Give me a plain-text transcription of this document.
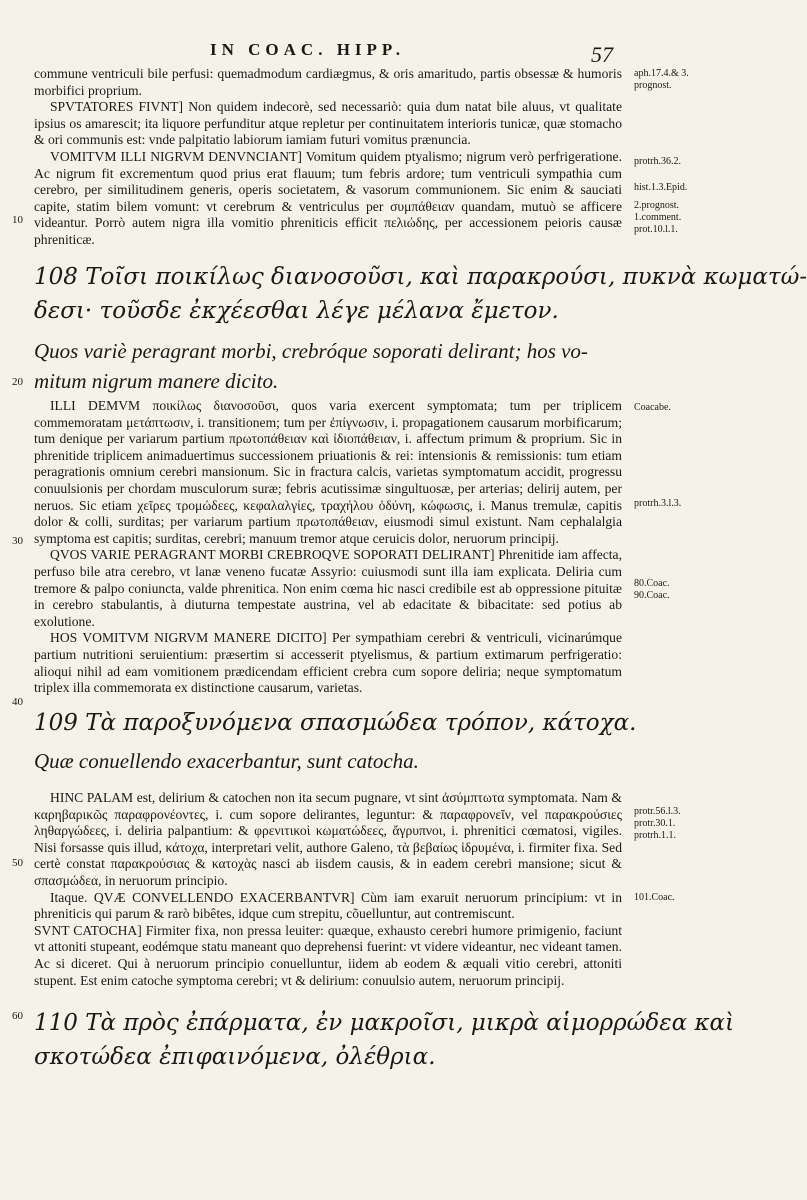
IN COAC. HIPP.	57
10
20
30
40
50
60

commune ventriculi bile perfusi: quemadmodum cardiægmus, & oris amaritudo, partis obsessæ & humoris morbifici proprium.

SPVTATORES FIVNT] Non quidem indecorè, sed necessariò: quia dum natat bile aluus, vt qualitate ipsius os amarescit; ita liquore perfunditur atque repletur per continuitatem interioris tunicæ, quæ stomacho & ori communis est: vnde palpitatio labiorum iamiam futuri vomitus prænuncia.

VOMITVM ILLI NIGRVM DENVNCIANT] Vomitum quidem ptyalismo; nigrum verò perfrigeratione. Ac nigrum fit excrementum quod prius erat flauum; tum febris ardore; tum ventriculi sympathia cum cerebro, per similitudinem generis, operis societatem, & vasorum communionem. Sic enim & sauciati capite, statim bilem vomunt: vt cerebrum & ventriculus per συμπάθειαν quandam, mutuò se afficere videantur. Porrò autem nigra illa vomitio phreniticis efficit πελιώδης, per accessionem peioris causæ phreniticæ.

108 Τοῖσι ποικίλως διανοσοῦσι, καὶ παρακρούσι, πυκνὰ κωματώ-
δεσι· τοῦσδε ἐκχέεσθαι λέγε μέλανα ἔμετον.
Quos variè peragrant morbi, crebróque soporati delirant; hos vo-
mitum nigrum manere dicito.

ILLI DEMVM ποικίλως διανοσοῦσι, quos varia exercent symptomata; tum per triplicem commemoratam μετάπτωσιν, i. transitionem; tum per ἐπίγνωσιν, i. propagationem causarum morbificarum; tum denique per variarum partium πρωτοπάθειαν καὶ ἰδιοπάθειαν, i. affectum primum & proprium. Sic in phrenitide triplicem animaduertimus successionem priuationis & rei: intensionis & remissionis: tum etiam peragrationis omnium cerebri mansionum. Sic in fractura calcis, varietas symptomatum accidit, progressu conuulsionis per chordam musculorum suræ; febris acutissimæ singultuosæ, per arterias; delirij autem, per neruos. Sic etiam χεῖρες τρομώδεες, κεφαλαλγίες, τραχήλου ὀδύνη, κώφωσις, i. Manus tremulæ, capitis dolor & colli, surditas; per variarum partium πρωτοπάθειαν, eiusmodi simul existunt. Nam cephalalgia symptoma est capitis; surditas, cerebri; manuum tremor atque ceruicis dolor, neruorum principij.

QVOS VARIE PERAGRANT MORBI CREBROQVE SOPORATI DELIRANT] Phrenitide iam affecta, perfuso bile atra cerebro, vt lanæ veneno fucatæ Assyrio: cuiusmodi sunt illa iam explicata. Deliria cum tremore & palpo coniuncta, valde phrenitica. Non enim cœma hic nasci credibile est ab oppressione pituitæ in cerebro stabulantis, à diuturna tempestate austrina, vel ab edacitate & bibacitate: sed potius ab exolutione.

HOS VOMITVM NIGRVM MANERE DICITO] Per sympathiam cerebri & ventriculi, vicinarúmque partium nutritioni seruientium: præsertim si accesserit ptyelismus, & partium extimarum perfrigeratio: alioqui nihil ad eam vomitionem prædicendam efficient crebra cum sopore deliria; neque symptomatum triplex illa commemorata ex distinctione causarum, varietas.

109 Τὰ παροξυνόμενα σπασμώδεα τρόπον, κάτοχα.
Quæ conuellendo exacerbantur, sunt catocha.

HINC PALAM est, delirium & catochen non ita secum pugnare, vt sint ἀσύμπτωτα symptomata. Nam & καρηβαρικῶς παραφρονέοντες, i. cum sopore delirantes, leguntur: & παραφρονεῖν, vel παρακρούσιες ληθαργώδεες, i. deliria palpantium: & φρενιτικοὶ κωματώδεες, ἄγρυπνοι, i. phrenitici cœmatosi, vigiles. Nisi forsasse quis illud, κάτοχα, interpretari velit, authore Galeno, τὰ βεβαίως ἱδρυμένα, i. firmiter fixa. Sed certè constat παρακρούσιας & κατοχὰς nasci ab iisdem causis, & in eadem cerebri mansione; sicut & σπασμώδεα, in neruorum principio.

Itaque. QVÆ CONVELLENDO EXACERBANTVR] Cùm iam exaruit neruorum principium: vt in phreniticis qui parum & rarò bibêtes, idque cum strepitu, cõuelluntur, aut contremiscunt.

SVNT CATOCHA] Firmiter fixa, non pressa leuiter: quæque, exhausto cerebri humore primigenio, faciunt vt attoniti stupeant, eodémque statu maneant quo deprehensi fuerint: vt videre videantur, nec videant tamen. Ac si diceret. Qui à neruorum principio conuelluntur, iidem ab eodem & æquali vitio cerebri, attoniti stupent. Est enim catoche symptoma cerebri; vt & delirium: conuulsio autem, neruorum principij.

110 Τὰ πρὸς ἐπάρματα, ἐν μακροῖσι, μικρὰ αἱμορρώδεα καὶ
σκοτώδεα ἐπιφαινόμενα, ὀλέθρια.
aph.17.4.& 3.
prognost.
protrh.36.2.
hist.1.3.Epid.
2.prognost.
1.comment.
prot.10.l.1.
Coacabe.
protrh.3.l.3.
80.Coac.
90.Coac.
protr.56.l.3.
protr.30.1.
protrh.1.1.
101.Coac.
